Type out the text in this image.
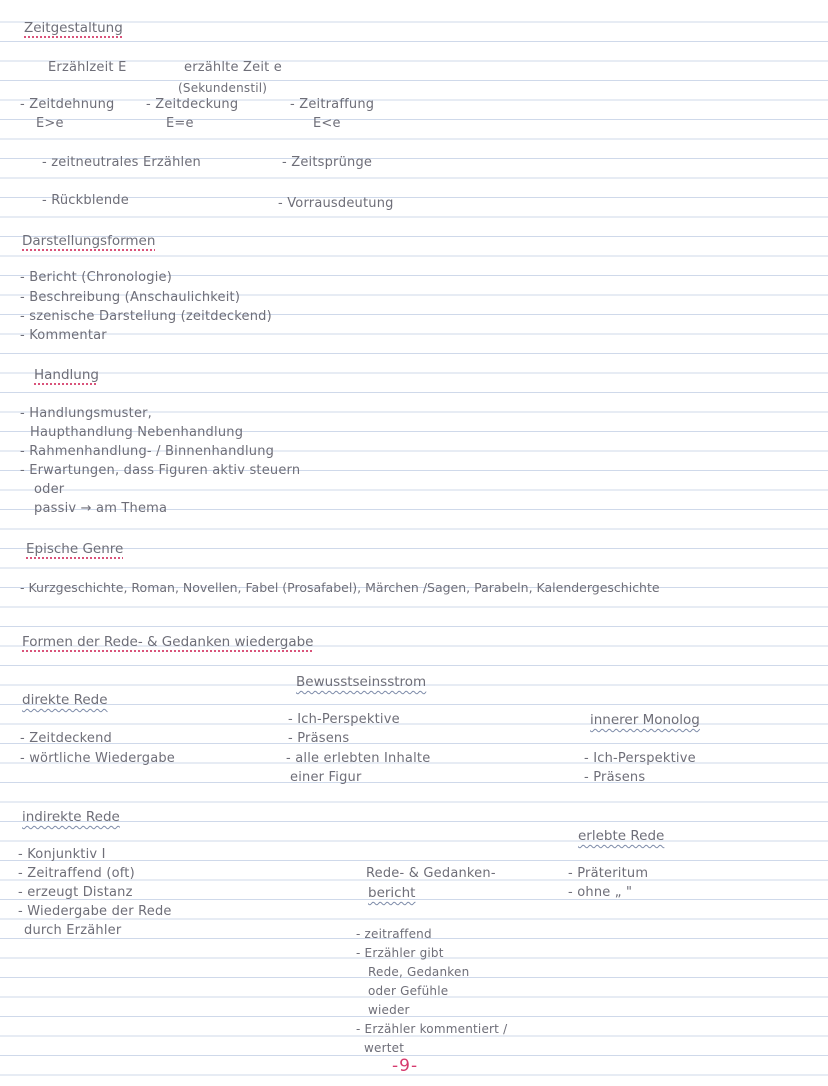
Zeitgestaltung
Erzählzeit E	erzählte Zeit e
(Sekundenstil)
- Zeitdehnung
E>e
- Zeitdeckung
E=e
- Zeitraffung
E<e
- zeitneutrales Erzählen	- Zeitsprünge
- Rückblende	- Vorrausdeutung
Darstellungsformen
- Bericht (Chronologie)
- Beschreibung (Anschaulichkeit)
- szenische Darstellung (zeitdeckend)
- Kommentar
Handlung
- Handlungsmuster,
Haupthandlung Nebenhandlung
- Rahmenhandlung- / Binnenhandlung
- Erwartungen, dass Figuren aktiv steuern
oder
passiv → am Thema
Epische Genre
- Kurzgeschichte, Roman, Novellen, Fabel (Prosafabel), Märchen /Sagen, Parabeln, Kalendergeschichte
Formen der Rede- & Gedanken wiedergabe
Bewusstseinsstrom
- Ich-Perspektive
- Präsens
- alle erlebten Inhalte
einer Figur
direkte Rede
- Zeitdeckend
- wörtliche Wiedergabe
innerer Monolog
- Ich-Perspektive
- Präsens
indirekte Rede
- Konjunktiv I
- Zeitraffend (oft)
- erzeugt Distanz
- Wiedergabe der Rede
durch Erzähler
erlebte Rede
- Präteritum
- ohne „ "
Rede- & Gedanken-
bericht
- zeitraffend
- Erzähler gibt
Rede, Gedanken
oder Gefühle
wieder
- Erzähler kommentiert /
wertet
-9-
